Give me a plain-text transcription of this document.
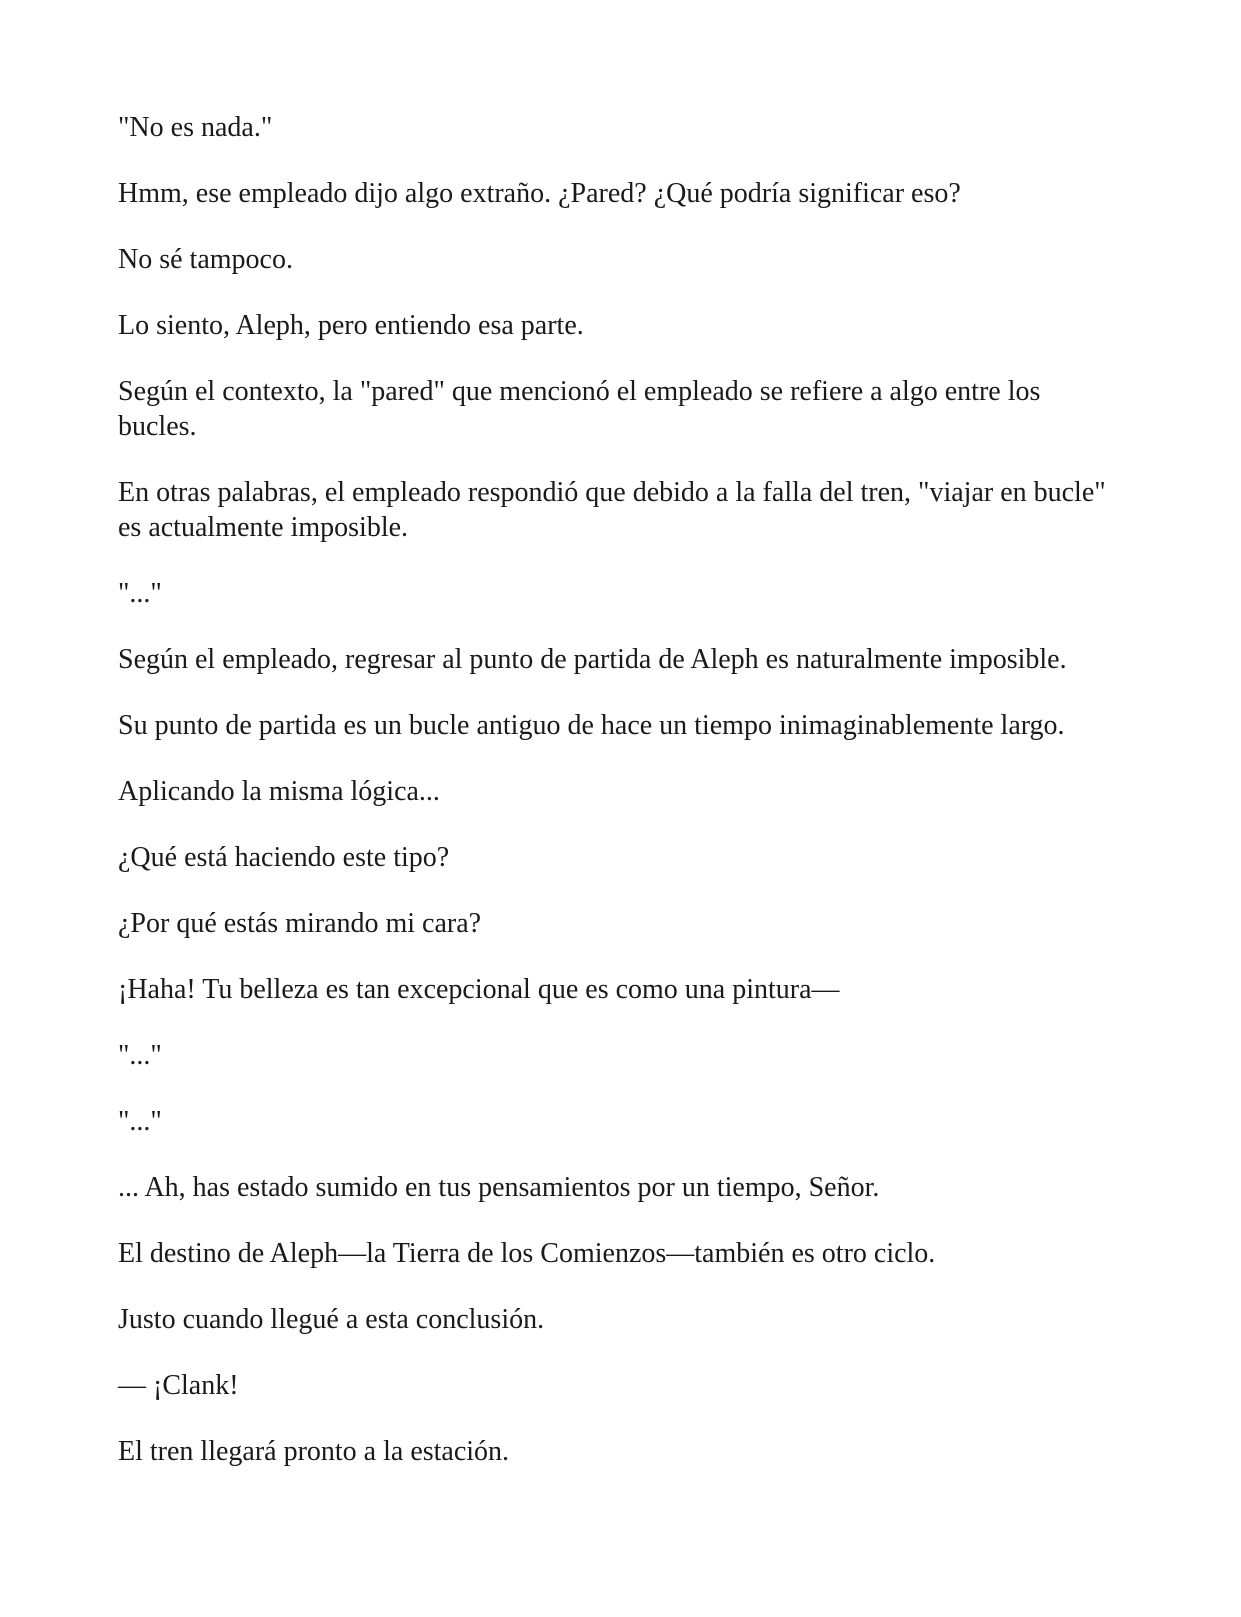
"No es nada."

Hmm, ese empleado dijo algo extraño. ¿Pared? ¿Qué podría significar eso?

No sé tampoco.

Lo siento, Aleph, pero entiendo esa parte.

Según el contexto, la "pared" que mencionó el empleado se refiere a algo entre los bucles.

En otras palabras, el empleado respondió que debido a la falla del tren, "viajar en bucle" es actualmente imposible.

"..."

Según el empleado, regresar al punto de partida de Aleph es naturalmente imposible.

Su punto de partida es un bucle antiguo de hace un tiempo inimaginablemente largo.

Aplicando la misma lógica...

¿Qué está haciendo este tipo?

¿Por qué estás mirando mi cara?

¡Haha! Tu belleza es tan excepcional que es como una pintura—

"..."

"..."

... Ah, has estado sumido en tus pensamientos por un tiempo, Señor.

El destino de Aleph—la Tierra de los Comienzos—también es otro ciclo.

Justo cuando llegué a esta conclusión.

— ¡Clank!

El tren llegará pronto a la estación.
